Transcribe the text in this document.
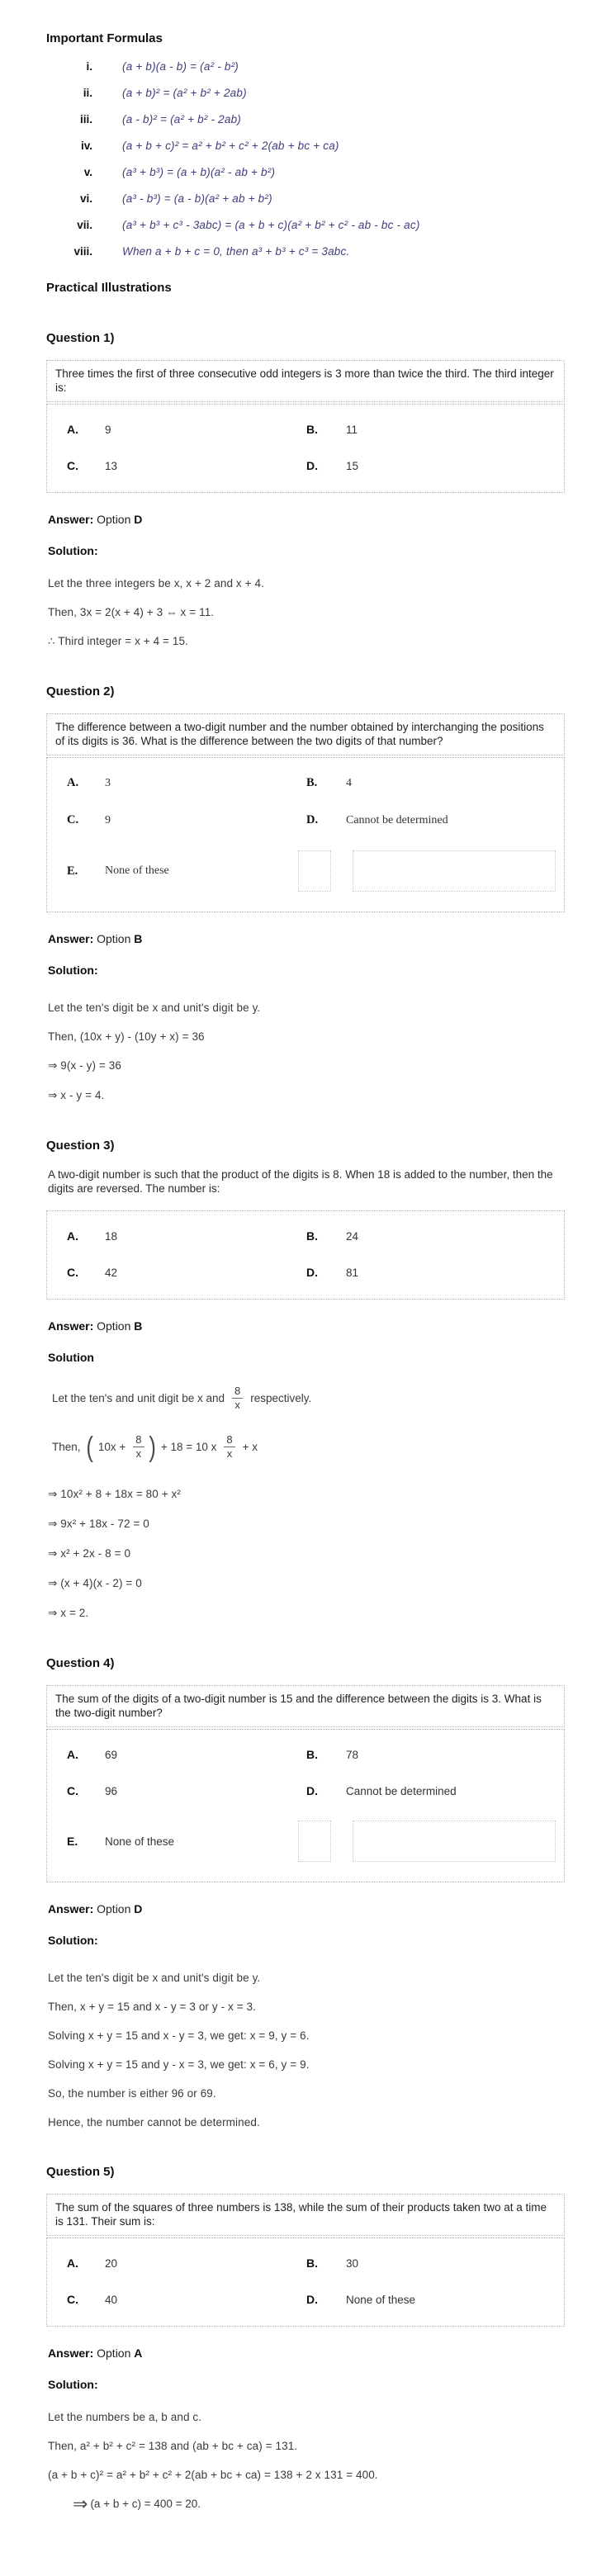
Important Formulas
i.	(a + b)(a - b) = (a² - b²)
ii.	(a + b)² = (a² + b² + 2ab)
iii.	(a - b)² = (a² + b² - 2ab)
iv.	(a + b + c)² = a² + b² + c² + 2(ab + bc + ca)
v.	(a³ + b³) = (a + b)(a² - ab + b²)
vi.	(a³ - b³) = (a - b)(a² + ab + b²)
vii.	(a³ + b³ + c³ - 3abc) = (a + b + c)(a² + b² + c² - ab - bc - ac)
viii.	When a + b + c = 0, then a³ + b³ + c³ = 3abc.
Practical Illustrations
Question 1)

Three times the first of three consecutive odd integers is 3 more than twice the third. The third integer is:

A.	9	B.	11
C.	13	D.	15

Answer: Option D

Solution:

Let the three integers be x, x + 2 and x + 4.

Then, 3x = 2(x + 4) + 3 ⇔ x = 11.

∴ Third integer = x + 4 = 15.

Question 2)

The difference between a two-digit number and the number obtained by interchanging the positions of its digits is 36. What is the difference between the two digits of that number?

A.	3	B.	4
C.	9	D.	Cannot be determined
E.	None of these

Answer: Option B

Solution:

Let the ten's digit be x and unit's digit be y.

Then, (10x + y) - (10y + x) = 36

⇒ 9(x - y) = 36

⇒ x - y = 4.

Question 3)

A two-digit number is such that the product of the digits is 8. When 18 is added to the number, then the digits are reversed. The number is:

A.	18	B.	24
C.	42	D.	81

Answer: Option B

Solution

Let the ten's and unit digit be x and $\frac{8}{x}$ respectively.
Then, ( $10x + \frac{8}{x}$ ) + 18 = 10 x $\frac{8}{x} + x$

⇒ 10x² + 8 + 18x = 80 + x²

⇒ 9x² + 18x - 72 = 0

⇒ x² + 2x - 8 = 0

⇒ (x + 4)(x - 2) = 0

⇒ x = 2.

Question 4)

The sum of the digits of a two-digit number is 15 and the difference between the digits is 3. What is the two-digit number?

A.	69	B.	78
C.	96	D.	Cannot be determined
E.	None of these

Answer: Option D

Solution:

Let the ten's digit be x and unit's digit be y.

Then, x + y = 15 and x - y = 3 or y - x = 3.

Solving x + y = 15 and x - y = 3, we get: x = 9, y = 6.

Solving x + y = 15 and y - x = 3, we get: x = 6, y = 9.

So, the number is either 96 or 69.

Hence, the number cannot be determined.

Question 5)

The sum of the squares of three numbers is 138, while the sum of their products taken two at a time is 131. Their sum is:

A.	20	B.	30
C.	40	D.	None of these

Answer: Option A

Solution:

Let the numbers be a, b and c.

Then, a² + b² + c² = 138 and (ab + bc + ca) = 131.

(a + b + c)² = a² + b² + c² + 2(ab + bc + ca) = 138 + 2 x 131 = 400.

⇒ (a + b + c) = 400 = 20.
